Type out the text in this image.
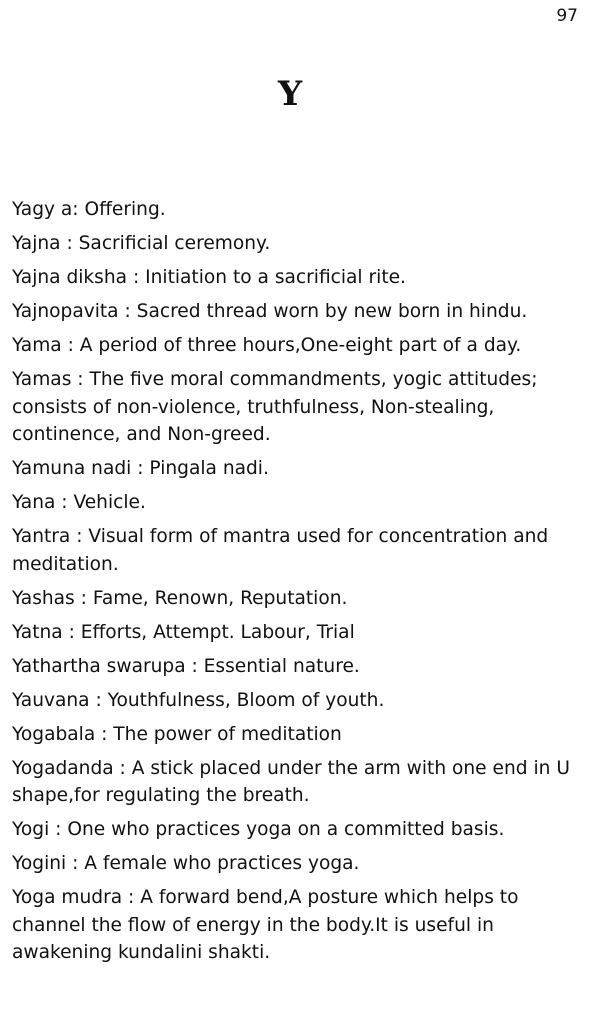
97
Y
Yagy a: Offering.
Yajna : Sacrificial ceremony.
Yajna diksha : Initiation to a sacrificial rite.
Yajnopavita : Sacred thread worn by new born in hindu.
Yama : A period of three hours,One-eight part of a day.
Yamas : The five moral commandments, yogic attitudes; consists of non-violence, truthfulness, Non-stealing, continence, and Non-greed.
Yamuna nadi : Pingala nadi.
Yana : Vehicle.
Yantra : Visual form of mantra used for concentration and meditation.
Yashas : Fame, Renown, Reputation.
Yatna : Efforts, Attempt. Labour, Trial
Yathartha swarupa : Essential nature.
Yauvana : Youthfulness, Bloom of youth.
Yogabala : The power of meditation
Yogadanda : A stick placed under the arm with one end in U shape,for regulating the breath.
Yogi : One who practices yoga on a committed basis.
Yogini : A female who practices yoga.
Yoga mudra : A forward bend,A posture which helps to channel the flow of energy in the body.It is useful in awakening kundalini shakti.
